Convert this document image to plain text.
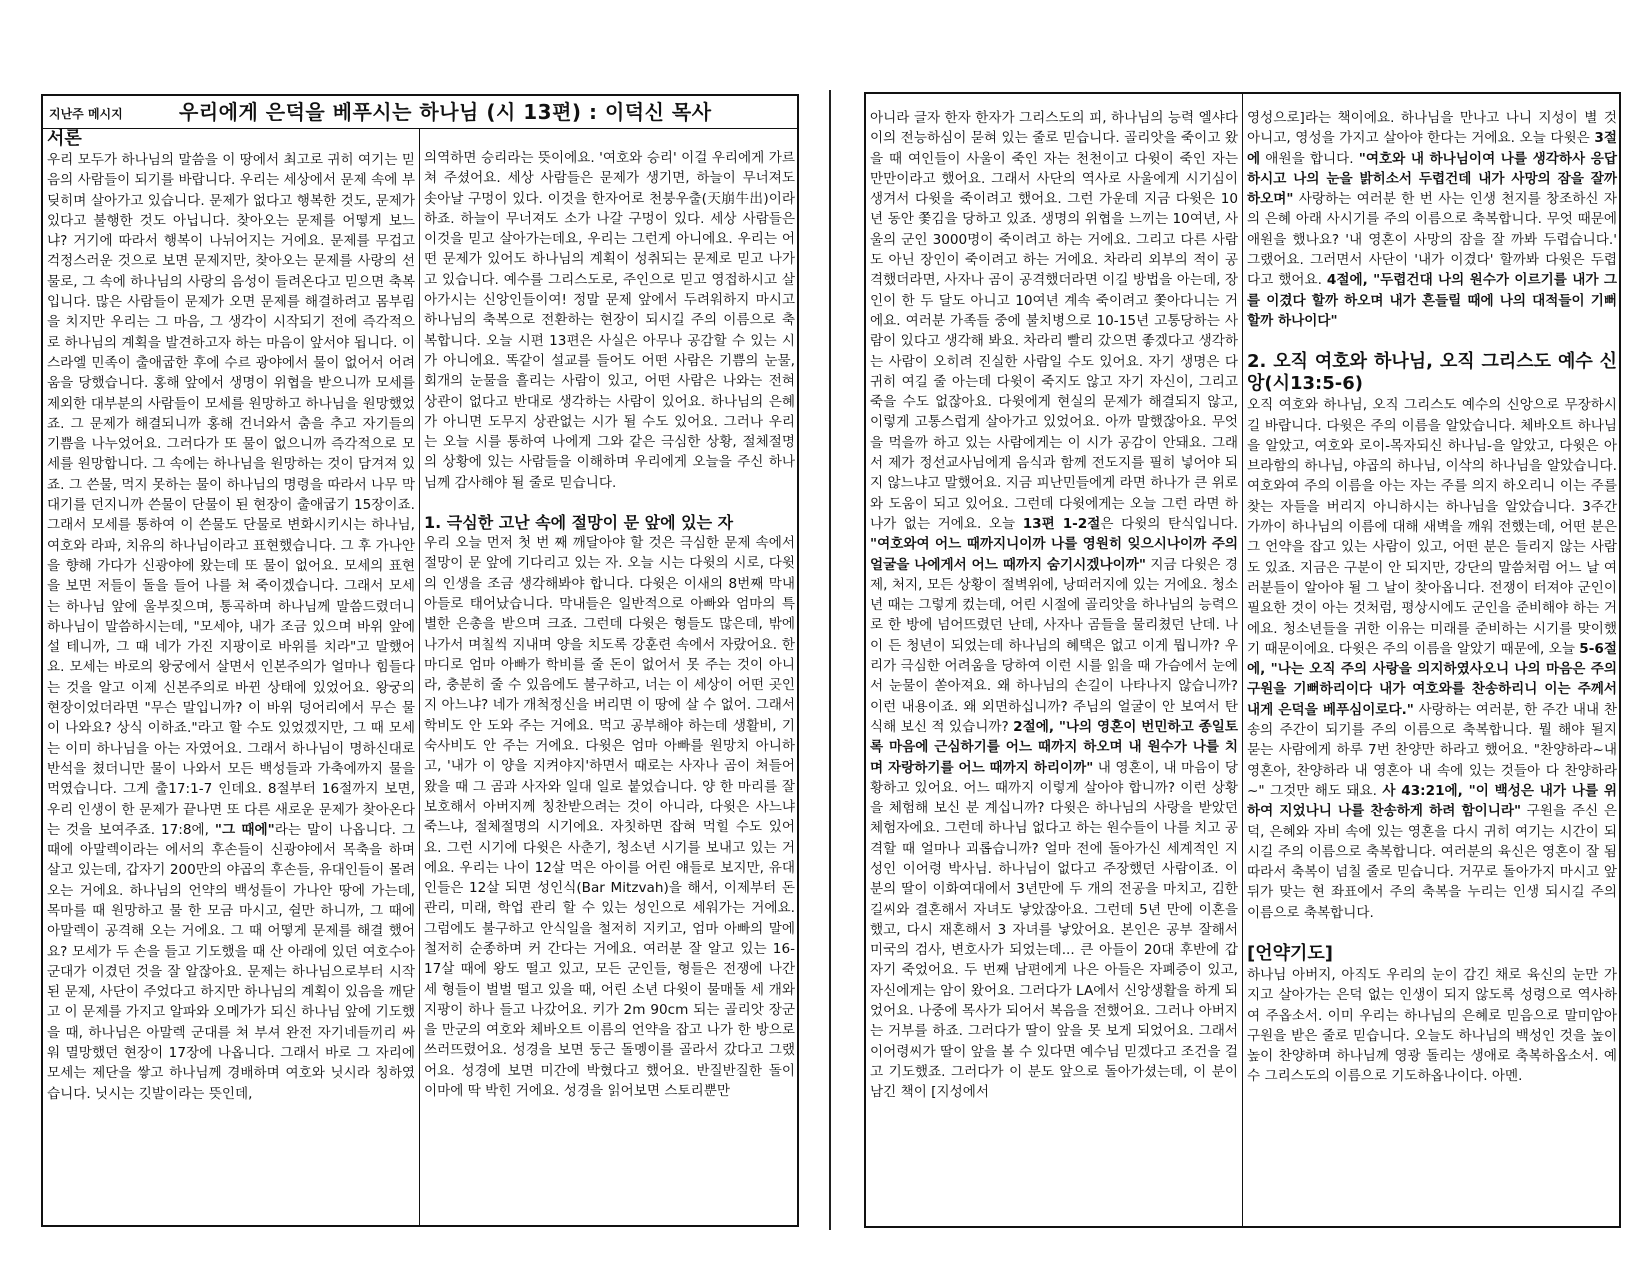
지난주 메시지	우리에게 은덕을 베푸시는 하나님 (시 13편) : 이덕신 목사
서론

우리 모두가 하나님의 말씀을 이 땅에서 최고로 귀히 여기는 믿음의 사람들이 되기를 바랍니다. 우리는 세상에서 문제 속에 부딪히며 살아가고 있습니다. 문제가 없다고 행복한 것도, 문제가 있다고 불행한 것도 아닙니다. 찾아오는 문제를 어떻게 보느냐? 거기에 따라서 행복이 나뉘어지는 거에요. 문제를 무겁고 걱정스러운 것으로 보면 문제지만, 찾아오는 문제를 사랑의 선물로, 그 속에 하나님의 사랑의 음성이 들려온다고 믿으면 축복입니다. 많은 사람들이 문제가 오면 문제를 해결하려고 몸부림을 치지만 우리는 그 마음, 그 생각이 시작되기 전에 즉각적으로 하나님의 계획을 발견하고자 하는 마음이 앞서야 됩니다. 이스라엘 민족이 출애굽한 후에 수르 광야에서 물이 없어서 어려움을 당했습니다. 홍해 앞에서 생명이 위협을 받으니까 모세를 제외한 대부분의 사람들이 모세를 원망하고 하나님을 원망했었죠. 그 문제가 해결되니까 홍해 건너와서 춤을 추고 자기들의 기쁨을 나누었어요. 그러다가 또 물이 없으니까 즉각적으로 모세를 원망합니다. 그 속에는 하나님을 원망하는 것이 담겨져 있죠. 그 쓴물, 먹지 못하는 물이 하나님의 명령을 따라서 나무 막대기를 던지니까 쓴물이 단물이 된 현장이 출애굽기 15장이죠. 그래서 모세를 통하여 이 쓴물도 단물로 변화시키시는 하나님, 여호와 라파, 치유의 하나님이라고 표현했습니다. 그 후 가나안을 향해 가다가 신광야에 왔는데 또 물이 없어요. 모세의 표현을 보면 저들이 돌을 들어 나를 쳐 죽이겠습니다. 그래서 모세는 하나님 앞에 울부짖으며, 통곡하며 하나님께 말씀드렸더니 하나님이 말씀하시는데, "모세야, 내가 조금 있으며 바위 앞에 설 테니까, 그 때 네가 가진 지팡이로 바위를 치라"고 말했어요. 모세는 바로의 왕궁에서 살면서 인본주의가 얼마나 힘들다는 것을 알고 이제 신본주의로 바뀐 상태에 있었어요. 왕궁의 현장이었더라면 "무슨 말입니까? 이 바위 덩어리에서 무슨 물이 나와요? 상식 이하죠."라고 할 수도 있었겠지만, 그 때 모세는 이미 하나님을 아는 자였어요. 그래서 하나님이 명하신대로 반석을 쳤더니만 물이 나와서 모든 백성들과 가축에까지 물을 먹였습니다. 그게 출17:1-7 인데요. 8절부터 16절까지 보면, 우리 인생이 한 문제가 끝나면 또 다른 새로운 문제가 찾아온다는 것을 보여주죠. 17:8에, "그 때에"라는 말이 나옵니다. 그 때에 아말렉이라는 에서의 후손들이 신광야에서 목축을 하며 살고 있는데, 갑자기 200만의 야곱의 후손들, 유대인들이 몰려오는 거에요. 하나님의 언약의 백성들이 가나안 땅에 가는데, 목마를 때 원망하고 물 한 모금 마시고, 쉴만 하니까, 그 때에 아말렉이 공격해 오는 거에요. 그 때 어떻게 문제를 해결 했어요? 모세가 두 손을 들고 기도했을 때 산 아래에 있던 여호수아 군대가 이겼던 것을 잘 알잖아요. 문제는 하나님으로부터 시작된 문제, 사단이 주었다고 하지만 하나님의 계획이 있음을 깨닫고 이 문제를 가지고 알파와 오메가가 되신 하나님 앞에 기도했을 때, 하나님은 아말렉 군대를 쳐 부셔 완전 자기네들끼리 싸워 멸망했던 현장이 17장에 나옵니다. 그래서 바로 그 자리에 모세는 제단을 쌓고 하나님께 경배하며 여호와 닛시라 칭하였습니다. 닛시는 깃발이라는 뜻인데,

의역하면 승리라는 뜻이에요. '여호와 승리' 이걸 우리에게 가르쳐 주셨어요. 세상 사람들은 문제가 생기면, 하늘이 무너져도 솟아날 구멍이 있다. 이것을 한자어로 천붕우출(天崩牛出)이라 하죠. 하늘이 무너져도 소가 나갈 구멍이 있다. 세상 사람들은 이것을 믿고 살아가는데요, 우리는 그런게 아니에요. 우리는 어떤 문제가 있어도 하나님의 계획이 성취되는 문제로 믿고 나가고 있습니다. 예수를 그리스도로, 주인으로 믿고 영접하시고 살아가시는 신앙인들이여! 정말 문제 앞에서 두려워하지 마시고 하나님의 축복으로 전환하는 현장이 되시길 주의 이름으로 축복합니다. 오늘 시편 13편은 사실은 아무나 공감할 수 있는 시가 아니에요. 똑같이 설교를 들어도 어떤 사람은 기쁨의 눈물, 회개의 눈물을 흘리는 사람이 있고, 어떤 사람은 나와는 전혀 상관이 없다고 반대로 생각하는 사람이 있어요. 하나님의 은혜가 아니면 도무지 상관없는 시가 될 수도 있어요. 그러나 우리는 오늘 시를 통하여 나에게 그와 같은 극심한 상황, 절체절명의 상황에 있는 사람들을 이해하며 우리에게 오늘을 주신 하나님께 감사해야 될 줄로 믿습니다.

1. 극심한 고난 속에 절망이 문 앞에 있는 자

우리 오늘 먼저 첫 번 째 깨달아야 할 것은 극심한 문제 속에서 절망이 문 앞에 기다리고 있는 자. 오늘 시는 다윗의 시로, 다윗의 인생을 조금 생각해봐야 합니다. 다윗은 이새의 8번째 막내아들로 태어났습니다. 막내들은 일반적으로 아빠와 엄마의 특별한 은총을 받으며 크죠. 그런데 다윗은 형들도 많은데, 밖에 나가서 며칠씩 지내며 양을 치도록 강훈련 속에서 자랐어요. 한마디로 엄마 아빠가 학비를 줄 돈이 없어서 못 주는 것이 아니라, 충분히 줄 수 있음에도 불구하고, 너는 이 세상이 어떤 곳인지 아느냐? 네가 개척정신을 버리면 이 땅에 살 수 없어. 그래서 학비도 안 도와 주는 거에요. 먹고 공부해야 하는데 생활비, 기숙사비도 안 주는 거에요. 다윗은 엄마 아빠를 원망치 아니하고, '내가 이 양을 지켜야지'하면서 때로는 사자나 곰이 쳐들어 왔을 때 그 곰과 사자와 일대 일로 붙었습니다. 양 한 마리를 잘 보호해서 아버지께 칭찬받으려는 것이 아니라, 다윗은 사느냐 죽느냐, 절체절명의 시기에요. 자칫하면 잡혀 먹힐 수도 있어요. 그런 시기에 다윗은 사춘기, 청소년 시기를 보내고 있는 거에요. 우리는 나이 12살 먹은 아이를 어린 얘들로 보지만, 유대인들은 12살 되면 성인식(Bar Mitzvah)을 해서, 이제부터 돈 관리, 미래, 학업 관리 할 수 있는 성인으로 세워가는 거에요. 그럼에도 불구하고 안식일을 철저히 지키고, 엄마 아빠의 말에 철저히 순종하며 커 간다는 거에요. 여러분 잘 알고 있는 16-17살 때에 왕도 떨고 있고, 모든 군인들, 형들은 전쟁에 나간 세 형들이 벌벌 떨고 있을 때, 어린 소년 다윗이 물매돌 세 개와 지팡이 하나 들고 나갔어요. 키가 2m 90cm 되는 골리앗 장군을 만군의 여호와 체바오트 이름의 언약을 잡고 나가 한 방으로 쓰러뜨렸어요. 성경을 보면 둥근 돌멩이를 골라서 갔다고 그랬어요. 성경에 보면 미간에 박혔다고 했어요. 반질반질한 돌이 이마에 딱 박힌 거에요. 성경을 읽어보면 스토리뿐만

아니라 글자 한자 한자가 그리스도의 피, 하나님의 능력 엘샤다이의 전능하심이 묻혀 있는 줄로 믿습니다. 골리앗을 죽이고 왔을 때 여인들이 사울이 죽인 자는 천천이고 다윗이 죽인 자는 만만이라고 했어요. 그래서 사단의 역사로 사울에게 시기심이 생겨서 다윗을 죽이려고 했어요. 그런 가운데 지금 다윗은 10년 동안 쫓김을 당하고 있죠. 생명의 위협을 느끼는 10여년, 사울의 군인 3000명이 죽이려고 하는 거에요. 그리고 다른 사람도 아닌 장인이 죽이려고 하는 거에요. 차라리 외부의 적이 공격했더라면, 사자나 곰이 공격했더라면 이길 방법을 아는데, 장인이 한 두 달도 아니고 10여년 계속 죽이려고 쫓아다니는 거에요. 여러분 가족들 중에 불치병으로 10-15년 고통당하는 사람이 있다고 생각해 봐요. 차라리 빨리 갔으면 좋겠다고 생각하는 사람이 오히려 진실한 사람일 수도 있어요. 자기 생명은 다 귀히 여길 줄 아는데 다윗이 죽지도 않고 자기 자신이, 그리고 죽을 수도 없잖아요. 다윗에게 현실의 문제가 해결되지 않고, 이렇게 고통스럽게 살아가고 있었어요. 아까 말했잖아요. 무엇을 먹을까 하고 있는 사람에게는 이 시가 공감이 안돼요. 그래서 제가 정선교사님에게 음식과 함께 전도지를 필히 넣어야 되지 않느냐고 말했어요. 지금 피난민들에게 라면 하나가 큰 위로와 도움이 되고 있어요. 그런데 다윗에게는 오늘 그런 라면 하나가 없는 거에요. 오늘 13편 1-2절은 다윗의 탄식입니다. "여호와여 어느 때까지니이까 나를 영원히 잊으시나이까 주의 얼굴을 나에게서 어느 때까지 숨기시겠나이까" 지금 다윗은 경제, 처지, 모든 상황이 절벽위에, 낭떠러지에 있는 거에요. 청소년 때는 그렇게 컸는데, 어린 시절에 골리앗을 하나님의 능력으로 한 방에 넘어뜨렸던 난데, 사자나 곰들을 물리쳤던 난데. 나이 든 청년이 되었는데 하나님의 혜택은 없고 이게 뭡니까? 우리가 극심한 어려움을 당하여 이런 시를 읽을 때 가슴에서 눈에서 눈물이 쏟아져요. 왜 하나님의 손길이 나타나지 않습니까? 이런 내용이죠. 왜 외면하십니까? 주님의 얼굴이 안 보여서 탄식해 보신 적 있습니까? 2절에, "나의 영혼이 번민하고 종일토록 마음에 근심하기를 어느 때까지 하오며 내 원수가 나를 치며 자랑하기를 어느 때까지 하리이까" 내 영혼이, 내 마음이 당황하고 있어요. 어느 때까지 이렇게 살아야 합니까? 이런 상황을 체험해 보신 분 계십니까? 다윗은 하나님의 사랑을 받았던 체험자에요. 그런데 하나님 없다고 하는 원수들이 나를 치고 공격할 때 얼마나 괴롭습니까? 얼마 전에 돌아가신 세계적인 지성인 이어령 박사님. 하나님이 없다고 주장했던 사람이죠. 이 분의 딸이 이화여대에서 3년만에 두 개의 전공을 마치고, 김한길씨와 결혼해서 자녀도 낳았잖아요. 그런데 5년 만에 이혼을 했고, 다시 재혼해서 3 자녀를 낳았어요. 본인은 공부 잘해서 미국의 검사, 변호사가 되었는데... 큰 아들이 20대 후반에 갑자기 죽었어요. 두 번째 남편에게 나은 아들은 자폐증이 있고, 자신에게는 암이 왔어요. 그러다가 LA에서 신앙생활을 하게 되었어요. 나중에 목사가 되어서 복음을 전했어요. 그러나 아버지는 거부를 하죠. 그러다가 딸이 앞을 못 보게 되었어요. 그래서 이어령씨가 딸이 앞을 볼 수 있다면 예수님 믿겠다고 조건을 걸고 기도했죠. 그러다가 이 분도 앞으로 돌아가셨는데, 이 분이 남긴 책이 [지성에서

영성으로]라는 책이에요. 하나님을 만나고 나니 지성이 별 것 아니고, 영성을 가지고 살아야 한다는 거에요. 오늘 다윗은 3절에 애원을 합니다. "여호와 내 하나님이여 나를 생각하사 응답하시고 나의 눈을 밝히소서 두렵건데 내가 사망의 잠을 잘까 하오며" 사랑하는 여러분 한 번 사는 인생 천지를 창조하신 자의 은혜 아래 사시기를 주의 이름으로 축복합니다. 무엇 때문에 애원을 했나요? '내 영혼이 사망의 잠을 잘 까봐 두렵습니다.' 그랬어요. 그러면서 사단이 '내가 이겼다' 할까봐 다윗은 두렵다고 했어요. 4절에, "두렵건대 나의 원수가 이르기를 내가 그를 이겼다 할까 하오며 내가 흔들릴 때에 나의 대적들이 기뻐할까 하나이다"

2. 오직 여호와 하나님, 오직 그리스도 예수 신앙(시13:5-6)

오직 여호와 하나님, 오직 그리스도 예수의 신앙으로 무장하시길 바랍니다. 다윗은 주의 이름을 알았습니다. 체바오트 하나님을 알았고, 여호와 로이-목자되신 하나님-을 알았고, 다윗은 아브라함의 하나님, 야곱의 하나님, 이삭의 하나님을 알았습니다. 여호와여 주의 이름을 아는 자는 주를 의지 하오리니 이는 주를 찾는 자들을 버리지 아니하시는 하나님을 알았습니다. 3주간 가까이 하나님의 이름에 대해 새벽을 깨워 전했는데, 어떤 분은 그 언약을 잡고 있는 사람이 있고, 어떤 분은 들리지 않는 사람도 있죠. 지금은 구분이 안 되지만, 강단의 말씀처럼 어느 날 여러분들이 알아야 될 그 날이 찾아옵니다. 전쟁이 터져야 군인이 필요한 것이 아는 것처럼, 평상시에도 군인을 준비해야 하는 거에요. 청소년들을 귀한 이유는 미래를 준비하는 시기를 맞이했기 때문이에요. 다윗은 주의 이름을 알았기 때문에, 오늘 5-6절에, "나는 오직 주의 사랑을 의지하였사오니 나의 마음은 주의 구원을 기뻐하리이다 내가 여호와를 찬송하리니 이는 주께서 내게 은덕을 베푸심이로다." 사랑하는 여러분, 한 주간 내내 찬송의 주간이 되기를 주의 이름으로 축복합니다. 뭘 해야 될지 묻는 사람에게 하루 7번 찬양만 하라고 했어요. "찬양하라~내 영혼아, 찬양하라 내 영혼아 내 속에 있는 것들아 다 찬양하라~" 그것만 해도 돼요. 사 43:21에, "이 백성은 내가 나를 위하여 지었나니 나를 찬송하게 하려 함이니라" 구원을 주신 은덕, 은혜와 자비 속에 있는 영혼을 다시 귀히 여기는 시간이 되시길 주의 이름으로 축복합니다. 여러분의 육신은 영혼이 잘 됨 따라서 축복이 넘칠 줄로 믿습니다. 거꾸로 돌아가지 마시고 앞뒤가 맞는 현 좌표에서 주의 축복을 누리는 인생 되시길 주의 이름으로 축복합니다.

[언약기도]

하나님 아버지, 아직도 우리의 눈이 감긴 채로 육신의 눈만 가지고 살아가는 은덕 없는 인생이 되지 않도록 성령으로 역사하여 주옵소서. 이미 우리는 하나님의 은혜로 믿음으로 말미암아 구원을 받은 줄로 믿습니다. 오늘도 하나님의 백성인 것을 높이 높이 찬양하며 하나님께 영광 돌리는 생애로 축복하옵소서. 예수 그리스도의 이름으로 기도하옵나이다. 아멘.
